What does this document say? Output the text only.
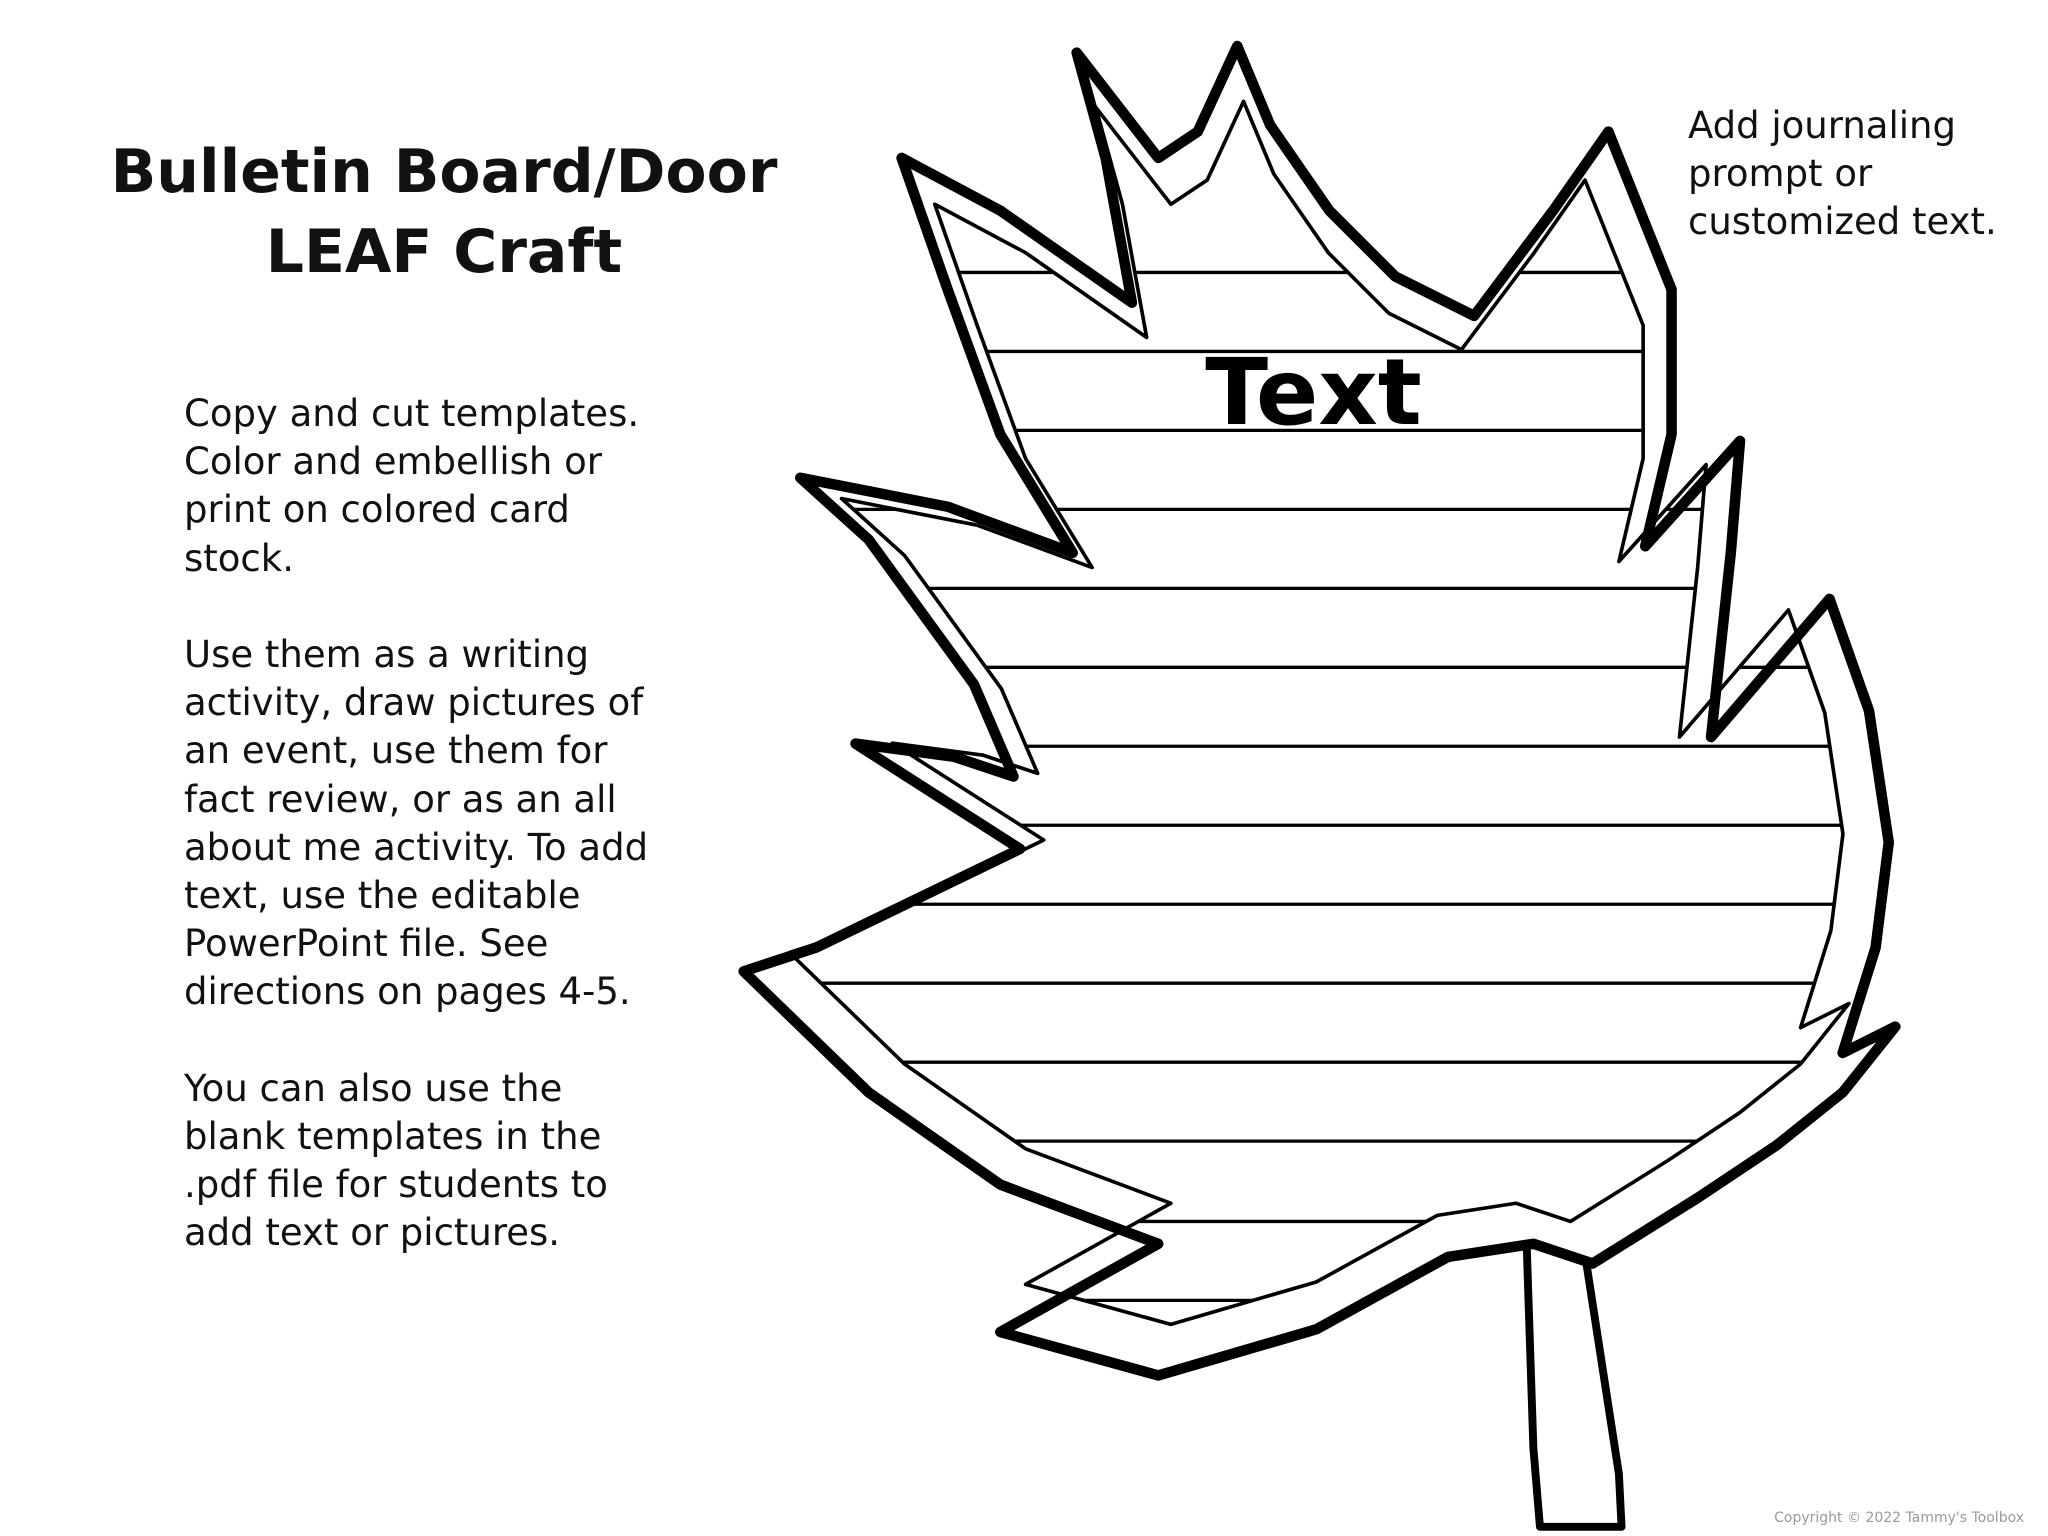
Bulletin Board/Door
LEAF Craft
Copy and cut templates.
Color and embellish or
print on colored card
stock.
Use them as a writing
activity, draw pictures of
an event, use them for
fact review, or as an all
about me activity. To add
text, use the editable
PowerPoint file. See
directions on pages 4-5.
You can also use the
blank templates in the
.pdf file for students to
add text or pictures.
Add journaling
prompt or
customized text.
Text
Copyright © 2022 Tammy's Toolbox
